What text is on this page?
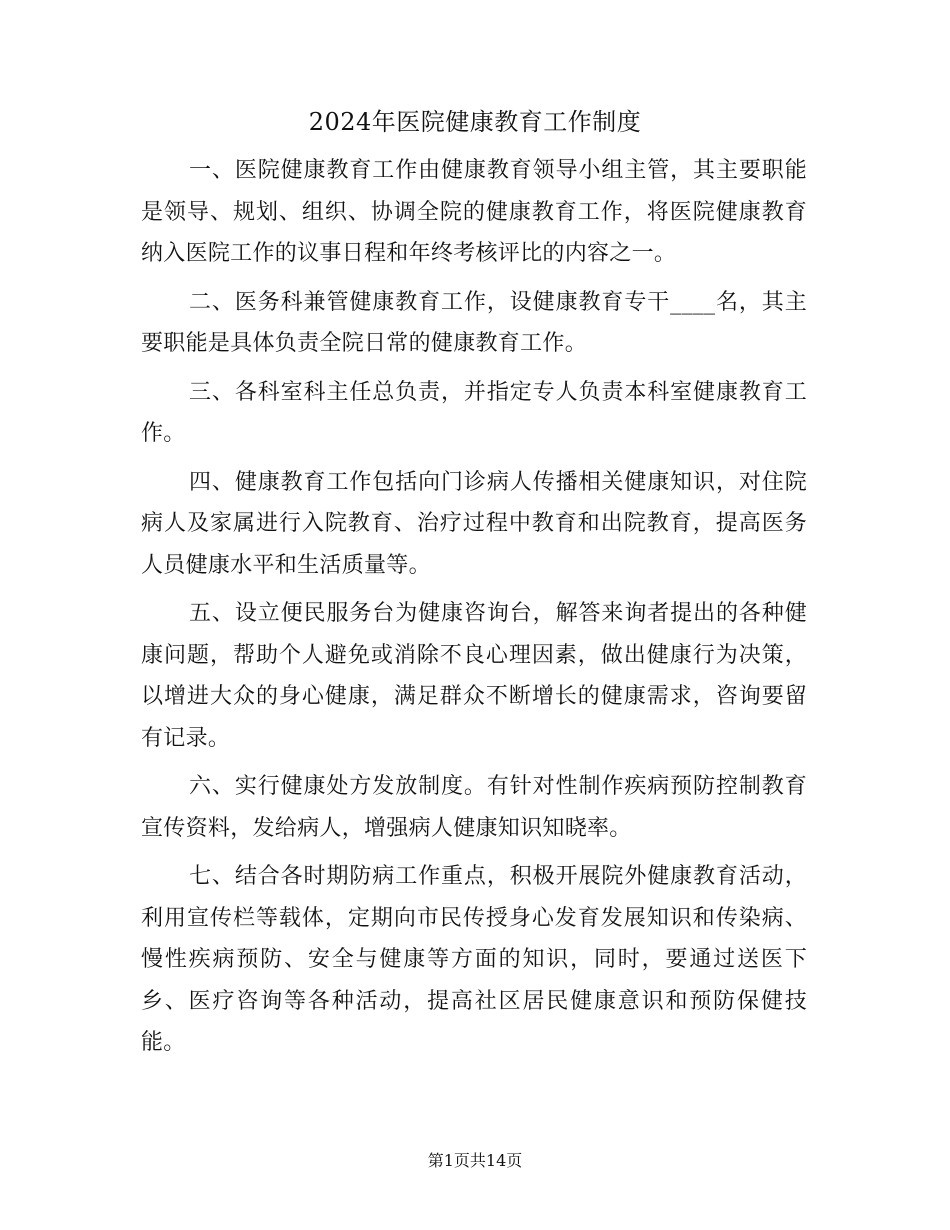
2024年医院健康教育工作制度

一、医院健康教育工作由健康教育领导小组主管，其主要职能是领导、规划、组织、协调全院的健康教育工作，将医院健康教育纳入医院工作的议事日程和年终考核评比的内容之一。

二、医务科兼管健康教育工作，设健康教育专干____名，其主要职能是具体负责全院日常的健康教育工作。

三、各科室科主任总负责，并指定专人负责本科室健康教育工作。

四、健康教育工作包括向门诊病人传播相关健康知识，对住院病人及家属进行入院教育、治疗过程中教育和出院教育，提高医务人员健康水平和生活质量等。

五、设立便民服务台为健康咨询台，解答来询者提出的各种健康问题，帮助个人避免或消除不良心理因素，做出健康行为决策，以增进大众的身心健康，满足群众不断增长的健康需求，咨询要留有记录。

六、实行健康处方发放制度。有针对性制作疾病预防控制教育宣传资料，发给病人，增强病人健康知识知晓率。

七、结合各时期防病工作重点，积极开展院外健康教育活动，利用宣传栏等载体，定期向市民传授身心发育发展知识和传染病、慢性疾病预防、安全与健康等方面的知识，同时，要通过送医下乡、医疗咨询等各种活动，提高社区居民健康意识和预防保健技能。

第1页共14页
